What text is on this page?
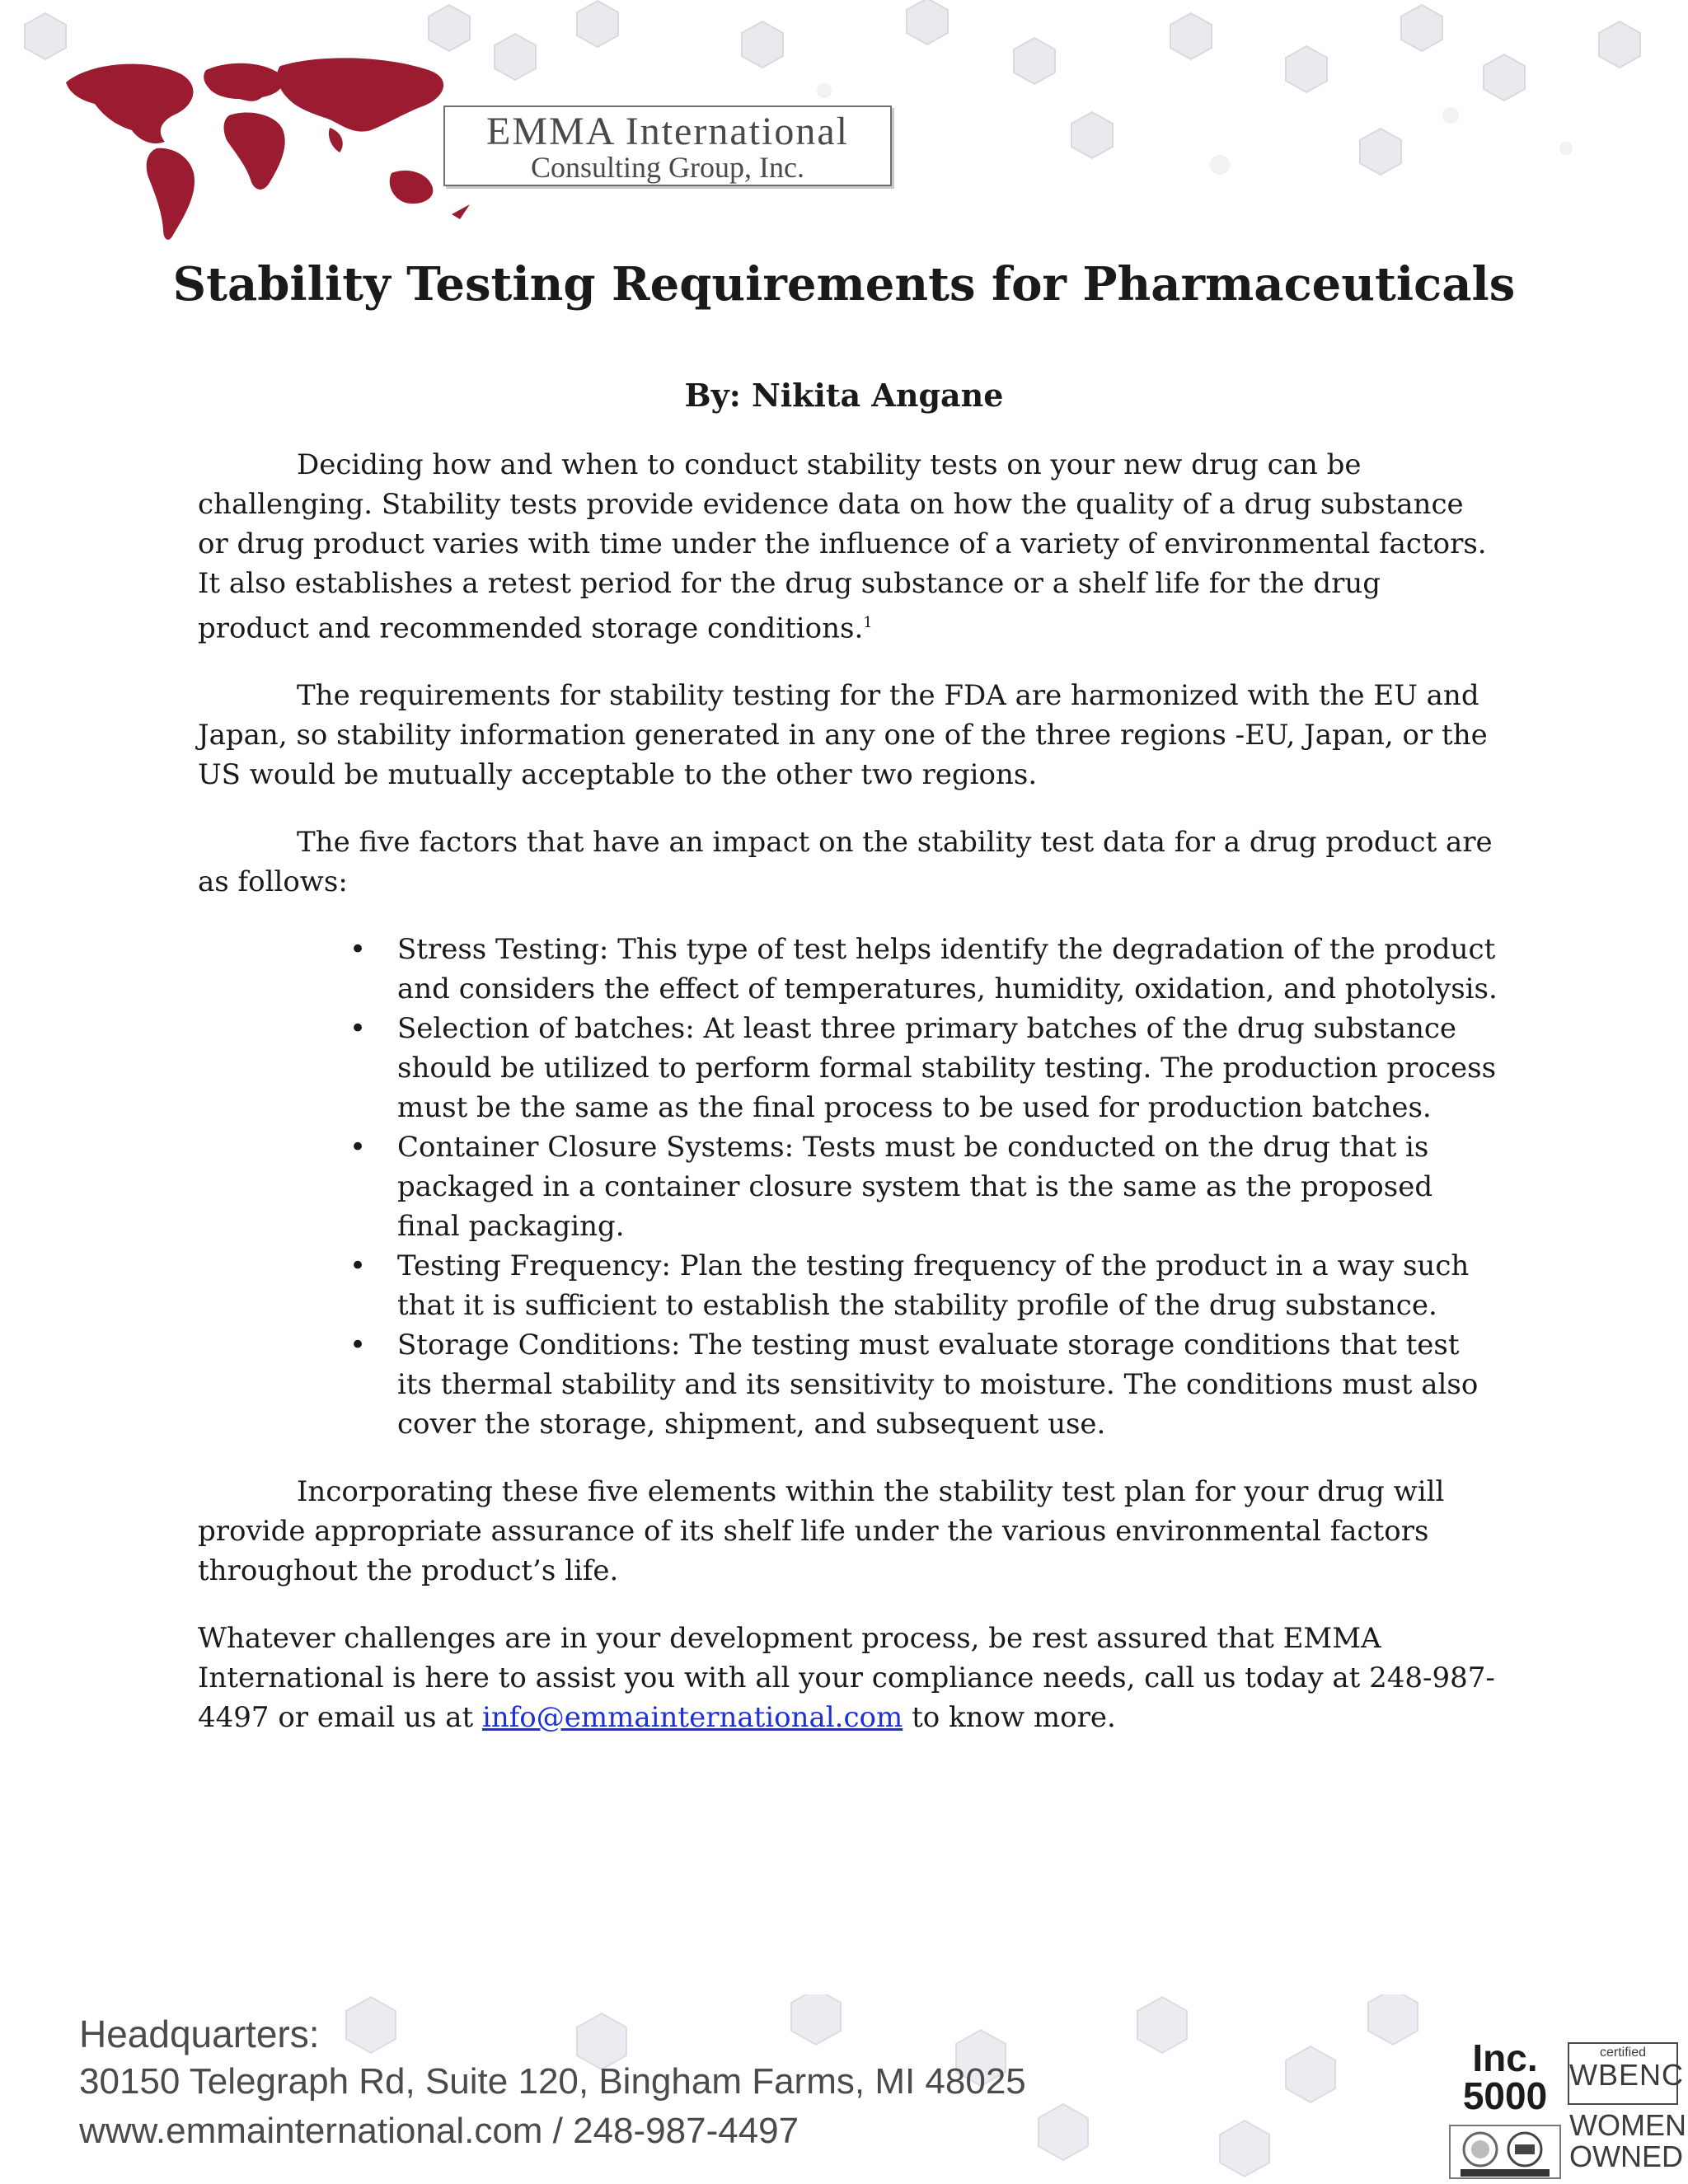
EMMA International
Consulting Group, Inc.
Stability Testing Requirements for Pharmaceuticals
By: Nikita Angane

Deciding how and when to conduct stability tests on your new drug can be challenging. Stability tests provide evidence data on how the quality of a drug substance or drug product varies with time under the influence of a variety of environmental factors. It also establishes a retest period for the drug substance or a shelf life for the drug product and recommended storage conditions.$^1$

The requirements for stability testing for the FDA are harmonized with the EU and Japan, so stability information generated in any one of the three regions -EU, Japan, or the US would be mutually acceptable to the other two regions.

The five factors that have an impact on the stability test data for a drug product are as follows:

• Stress Testing: This type of test helps identify the degradation of the product and considers the effect of temperatures, humidity, oxidation, and photolysis.
• Selection of batches: At least three primary batches of the drug substance should be utilized to perform formal stability testing. The production process must be the same as the final process to be used for production batches.
• Container Closure Systems: Tests must be conducted on the drug that is packaged in a container closure system that is the same as the proposed final packaging.
• Testing Frequency: Plan the testing frequency of the product in a way such that it is sufficient to establish the stability profile of the drug substance.
• Storage Conditions: The testing must evaluate storage conditions that test its thermal stability and its sensitivity to moisture. The conditions must also cover the storage, shipment, and subsequent use.

Incorporating these five elements within the stability test plan for your drug will provide appropriate assurance of its shelf life under the various environmental factors throughout the product’s life.

Whatever challenges are in your development process, be rest assured that EMMA International is here to assist you with all your compliance needs, call us today at 248-987-4497 or email us at info@emmainternational.com to know more.

Headquarters:
30150 Telegraph Rd, Suite 120, Bingham Farms, MI 48025
www.emmainternational.com / 248-987-4497
Inc.
5000
certified
WBENC
WOMEN
OWNED
